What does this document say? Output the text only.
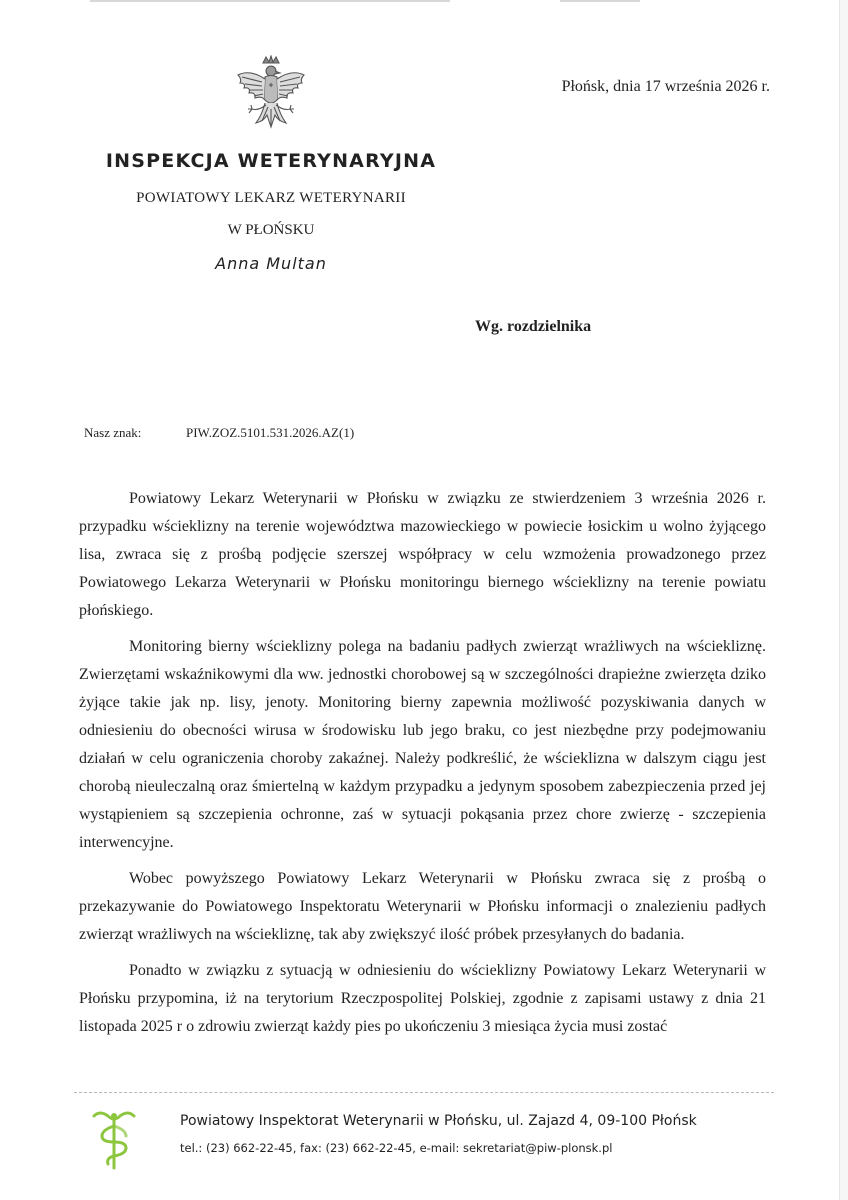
Płońsk, dnia 17 września 2026 r.
INSPEKCJA WETERYNARYJNA
POWIATOWY LEKARZ WETERYNARII
W PŁOŃSKU
Anna Multan
Wg. rozdzielnika
Nasz znak:	PIW.ZOZ.5101.531.2026.AZ(1)

Powiatowy Lekarz Weterynarii w Płońsku w związku ze stwierdzeniem 3 września 2026 r. przypadku wścieklizny na terenie województwa mazowieckiego w powiecie łosickim u wolno żyjącego lisa, zwraca się z prośbą podjęcie szerszej współpracy w celu wzmożenia prowadzonego przez Powiatowego Lekarza Weterynarii w Płońsku monitoringu biernego wścieklizny na terenie powiatu płońskiego.

Monitoring bierny wścieklizny polega na badaniu padłych zwierząt wrażliwych na wściekliznę. Zwierzętami wskaźnikowymi dla ww. jednostki chorobowej są w szczególności drapieżne zwierzęta dziko żyjące takie jak np. lisy, jenoty. Monitoring bierny zapewnia możliwość pozyskiwania danych w odniesieniu do obecności wirusa w środowisku lub jego braku, co jest niezbędne przy podejmowaniu działań w celu ograniczenia choroby zakaźnej. Należy podkreślić, że wścieklizna w dalszym ciągu jest chorobą nieuleczalną oraz śmiertelną w każdym przypadku a jedynym sposobem zabezpieczenia przed jej wystąpieniem są szczepienia ochronne, zaś w sytuacji pokąsania przez chore zwierzę - szczepienia interwencyjne.

Wobec powyższego Powiatowy Lekarz Weterynarii w Płońsku zwraca się z prośbą o przekazywanie do Powiatowego Inspektoratu Weterynarii w Płońsku informacji o znalezieniu padłych zwierząt wrażliwych na wściekliznę, tak aby zwiększyć ilość próbek przesyłanych do badania.

Ponadto w związku z sytuacją w odniesieniu do wścieklizny Powiatowy Lekarz Weterynarii w Płońsku przypomina, iż na terytorium Rzeczpospolitej Polskiej, zgodnie z zapisami ustawy z dnia 21 listopada 2025 r o zdrowiu zwierząt każdy pies po ukończeniu 3 miesiąca życia musi zostać

Powiatowy Inspektorat Weterynarii w Płońsku, ul. Zajazd 4, 09-100 Płońsk
tel.: (23) 662-22-45, fax: (23) 662-22-45, e-mail: sekretariat@piw-plonsk.pl
